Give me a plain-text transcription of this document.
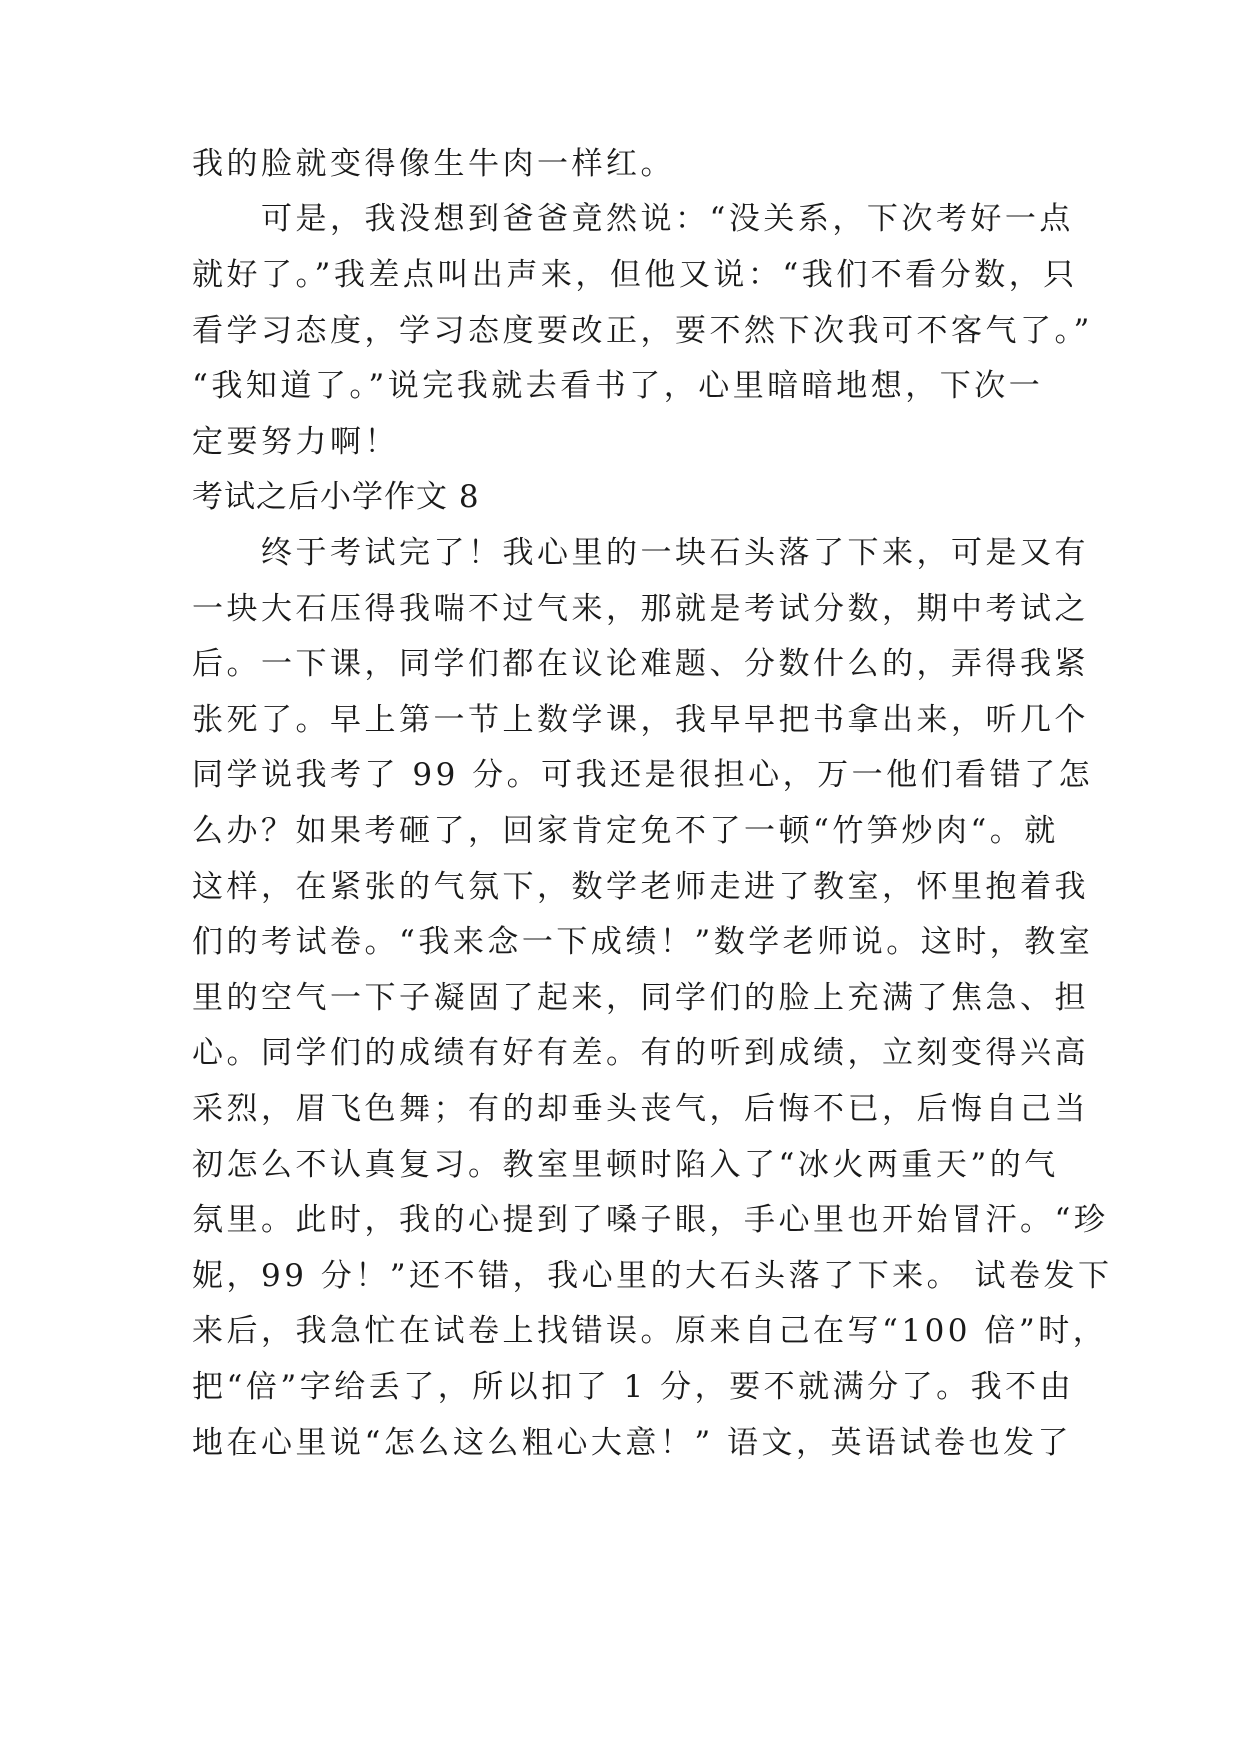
我的脸就变得像生牛肉一样红。

　　可是，我没想到爸爸竟然说：“没关系，下次考好一点

就好了。”我差点叫出声来，但他又说：“我们不看分数，只

看学习态度，学习态度要改正，要不然下次我可不客气了。”

“我知道了。”说完我就去看书了，心里暗暗地想，下次一

定要努力啊！

考试之后小学作文 8

　　终于考试完了！我心里的一块石头落了下来，可是又有

一块大石压得我喘不过气来，那就是考试分数，期中考试之

后。一下课，同学们都在议论难题、分数什么的，弄得我紧

张死了。早上第一节上数学课，我早早把书拿出来，听几个

同学说我考了 99 分。可我还是很担心，万一他们看错了怎

么办？如果考砸了，回家肯定免不了一顿“竹笋炒肉“。就

这样，在紧张的气氛下，数学老师走进了教室，怀里抱着我

们的考试卷。“我来念一下成绩！”数学老师说。这时，教室

里的空气一下子凝固了起来，同学们的脸上充满了焦急、担

心。同学们的成绩有好有差。有的听到成绩，立刻变得兴高

采烈，眉飞色舞；有的却垂头丧气，后悔不已，后悔自己当

初怎么不认真复习。教室里顿时陷入了“冰火两重天”的气

氛里。此时，我的心提到了嗓子眼，手心里也开始冒汗。“珍

妮，99 分！”还不错，我心里的大石头落了下来。 试卷发下

来后，我急忙在试卷上找错误。原来自己在写“100 倍”时，

把“倍”字给丢了，所以扣了 1 分，要不就满分了。我不由

地在心里说“怎么这么粗心大意！” 语文，英语试卷也发了
